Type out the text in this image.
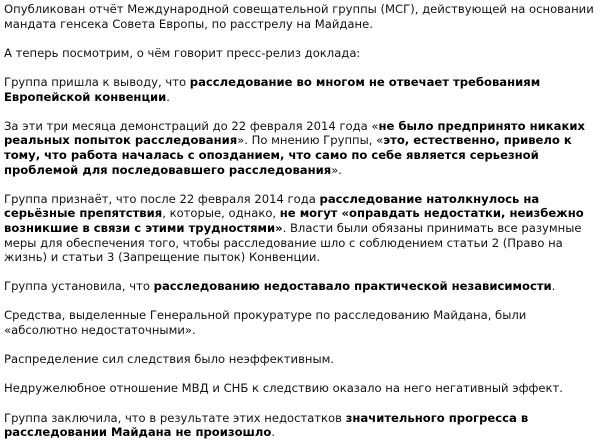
Опубликован отчёт Международной совещательной группы (МСГ), действующей на основании мандата генсека Совета Европы, по расстрелу на Майдане.

А теперь посмотрим, о чём говорит пресс-релиз доклада:

Группа пришла к выводу, что расследование во многом не отвечает требованиям Европейской конвенции.

За эти три месяца демонстраций до 22 февраля 2014 года «не было предпринято никаких реальных попыток расследования». По мнению Группы, «это, естественно, привело к тому, что работа началась с опозданием, что само по себе является серьезной проблемой для последовавшего расследования».

Группа признаёт, что после 22 февраля 2014 года расследование натолкнулось на серьёзные препятствия, которые, однако, не могут «оправдать недостатки, неизбежно возникшие в связи с этими трудностями». Власти были обязаны принимать все разумные меры для обеспечения того, чтобы расследование шло с соблюдением статьи 2 (Право на жизнь) и статьи 3 (Запрещение пыток) Конвенции.

Группа установила, что расследованию недоставало практической независимости.

Средства, выделенные Генеральной прокуратуре по расследованию Майдана, были «абсолютно недостаточными».

Распределение сил следствия было неэффективным.

Недружелюбное отношение МВД и СНБ к следствию оказало на него негативный эффект.

Группа заключила, что в результате этих недостатков значительного прогресса в расследовании Майдана не произошло.
